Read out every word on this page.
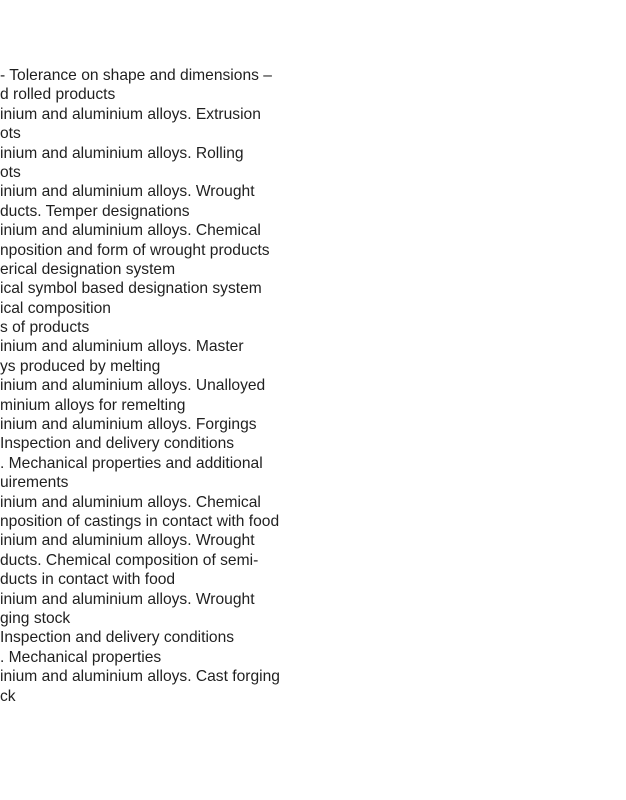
- Tolerance on shape and dimensions –
d rolled products
inium and aluminium alloys. Extrusion
ots
inium and aluminium alloys. Rolling
ots
inium and aluminium alloys. Wrought
ducts. Temper designations
inium and aluminium alloys. Chemical
nposition and form of wrought products
erical designation system
ical symbol based designation system
ical composition
s of products
inium and aluminium alloys. Master
ys produced by melting
inium and aluminium alloys. Unalloyed
minium alloys for remelting
inium and aluminium alloys. Forgings
Inspection and delivery conditions
. Mechanical properties and additional
uirements
inium and aluminium alloys. Chemical
nposition of castings in contact with food
inium and aluminium alloys. Wrought
ducts. Chemical composition of semi-
ducts in contact with food
inium and aluminium alloys. Wrought
ging stock
Inspection and delivery conditions
. Mechanical properties
inium and aluminium alloys. Cast forging
ck
